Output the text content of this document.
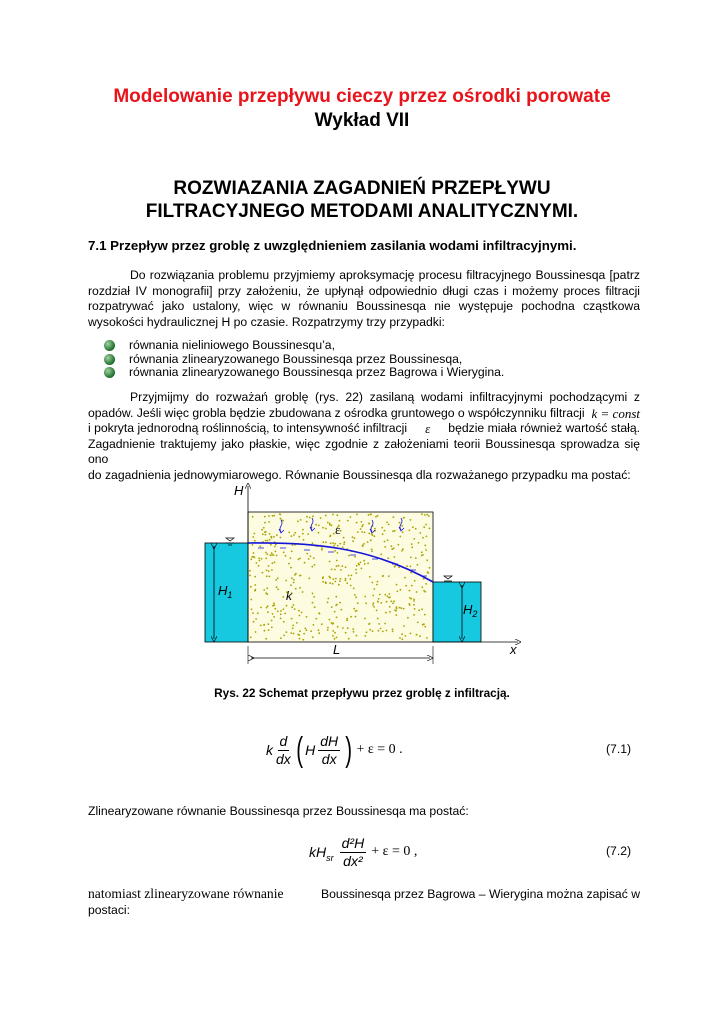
Modelowanie przepływu cieczy przez ośrodki porowate
Wykład VII
ROZWIAZANIA ZAGADNIEŃ PRZEPŁYWU
FILTRACYJNEGO METODAMI ANALITYCZNYMI.
7.1 Przepływ przez groblę z uwzględnieniem zasilania wodami infiltracyjnymi.
Do rozwiązania problemu przyjmiemy aproksymację procesu filtracyjnego Boussinesqa [patrz rozdział IV monografii] przy założeniu, że upłynął odpowiednio długi czas i możemy proces filtracji rozpatrywać jako ustalony, więc w równaniu Boussinesqa nie występuje pochodna cząstkowa wysokości hydraulicznej H po czasie. Rozpatrzymy trzy przypadki:
równania nieliniowego Boussinesqu’a,
równania zlinearyzowanego Boussinesqa przez Boussinesqa,
równania zlinearyzowanego Boussinesqa przez Bagrowa i Wierygina.
Przyjmijmy do rozważań groblę (rys. 22) zasilaną wodami infiltracyjnymi pochodzącymi z
opadów. Jeśli więc grobla będzie zbudowana z ośrodka gruntowego o współczynniku filtracji k = const
i pokryta jednorodną roślinnością, to intensywność infiltracji ε będzie miała również wartość stałą.
Zagadnienie traktujemy jako płaskie, więc zgodnie z założeniami teorii Boussinesqa sprowadza się ono
do zagadnienia jednowymiarowego. Równanie Boussinesqa dla rozważanego przypadku ma postać:
H
x
$H_1$
$H_2$
k
ε
L
Rys. 22 Schemat przepływu przez groblę z infiltracją.
k $\frac{d}{dx}$ ( H
dH
dx ) + ε = 0 .	(7.1)
Zlinearyzowane równanie Boussinesqa przez Boussinesqa ma postać:
kH sr $\frac{\text{d²H}}{\text{dx²}} + \varepsilon = 0$ ,	(7.2)
natomiast zlinearyzowane równanie	Boussinesqa przez Bagrowa – Wierygina można zapisać w
postaci:
